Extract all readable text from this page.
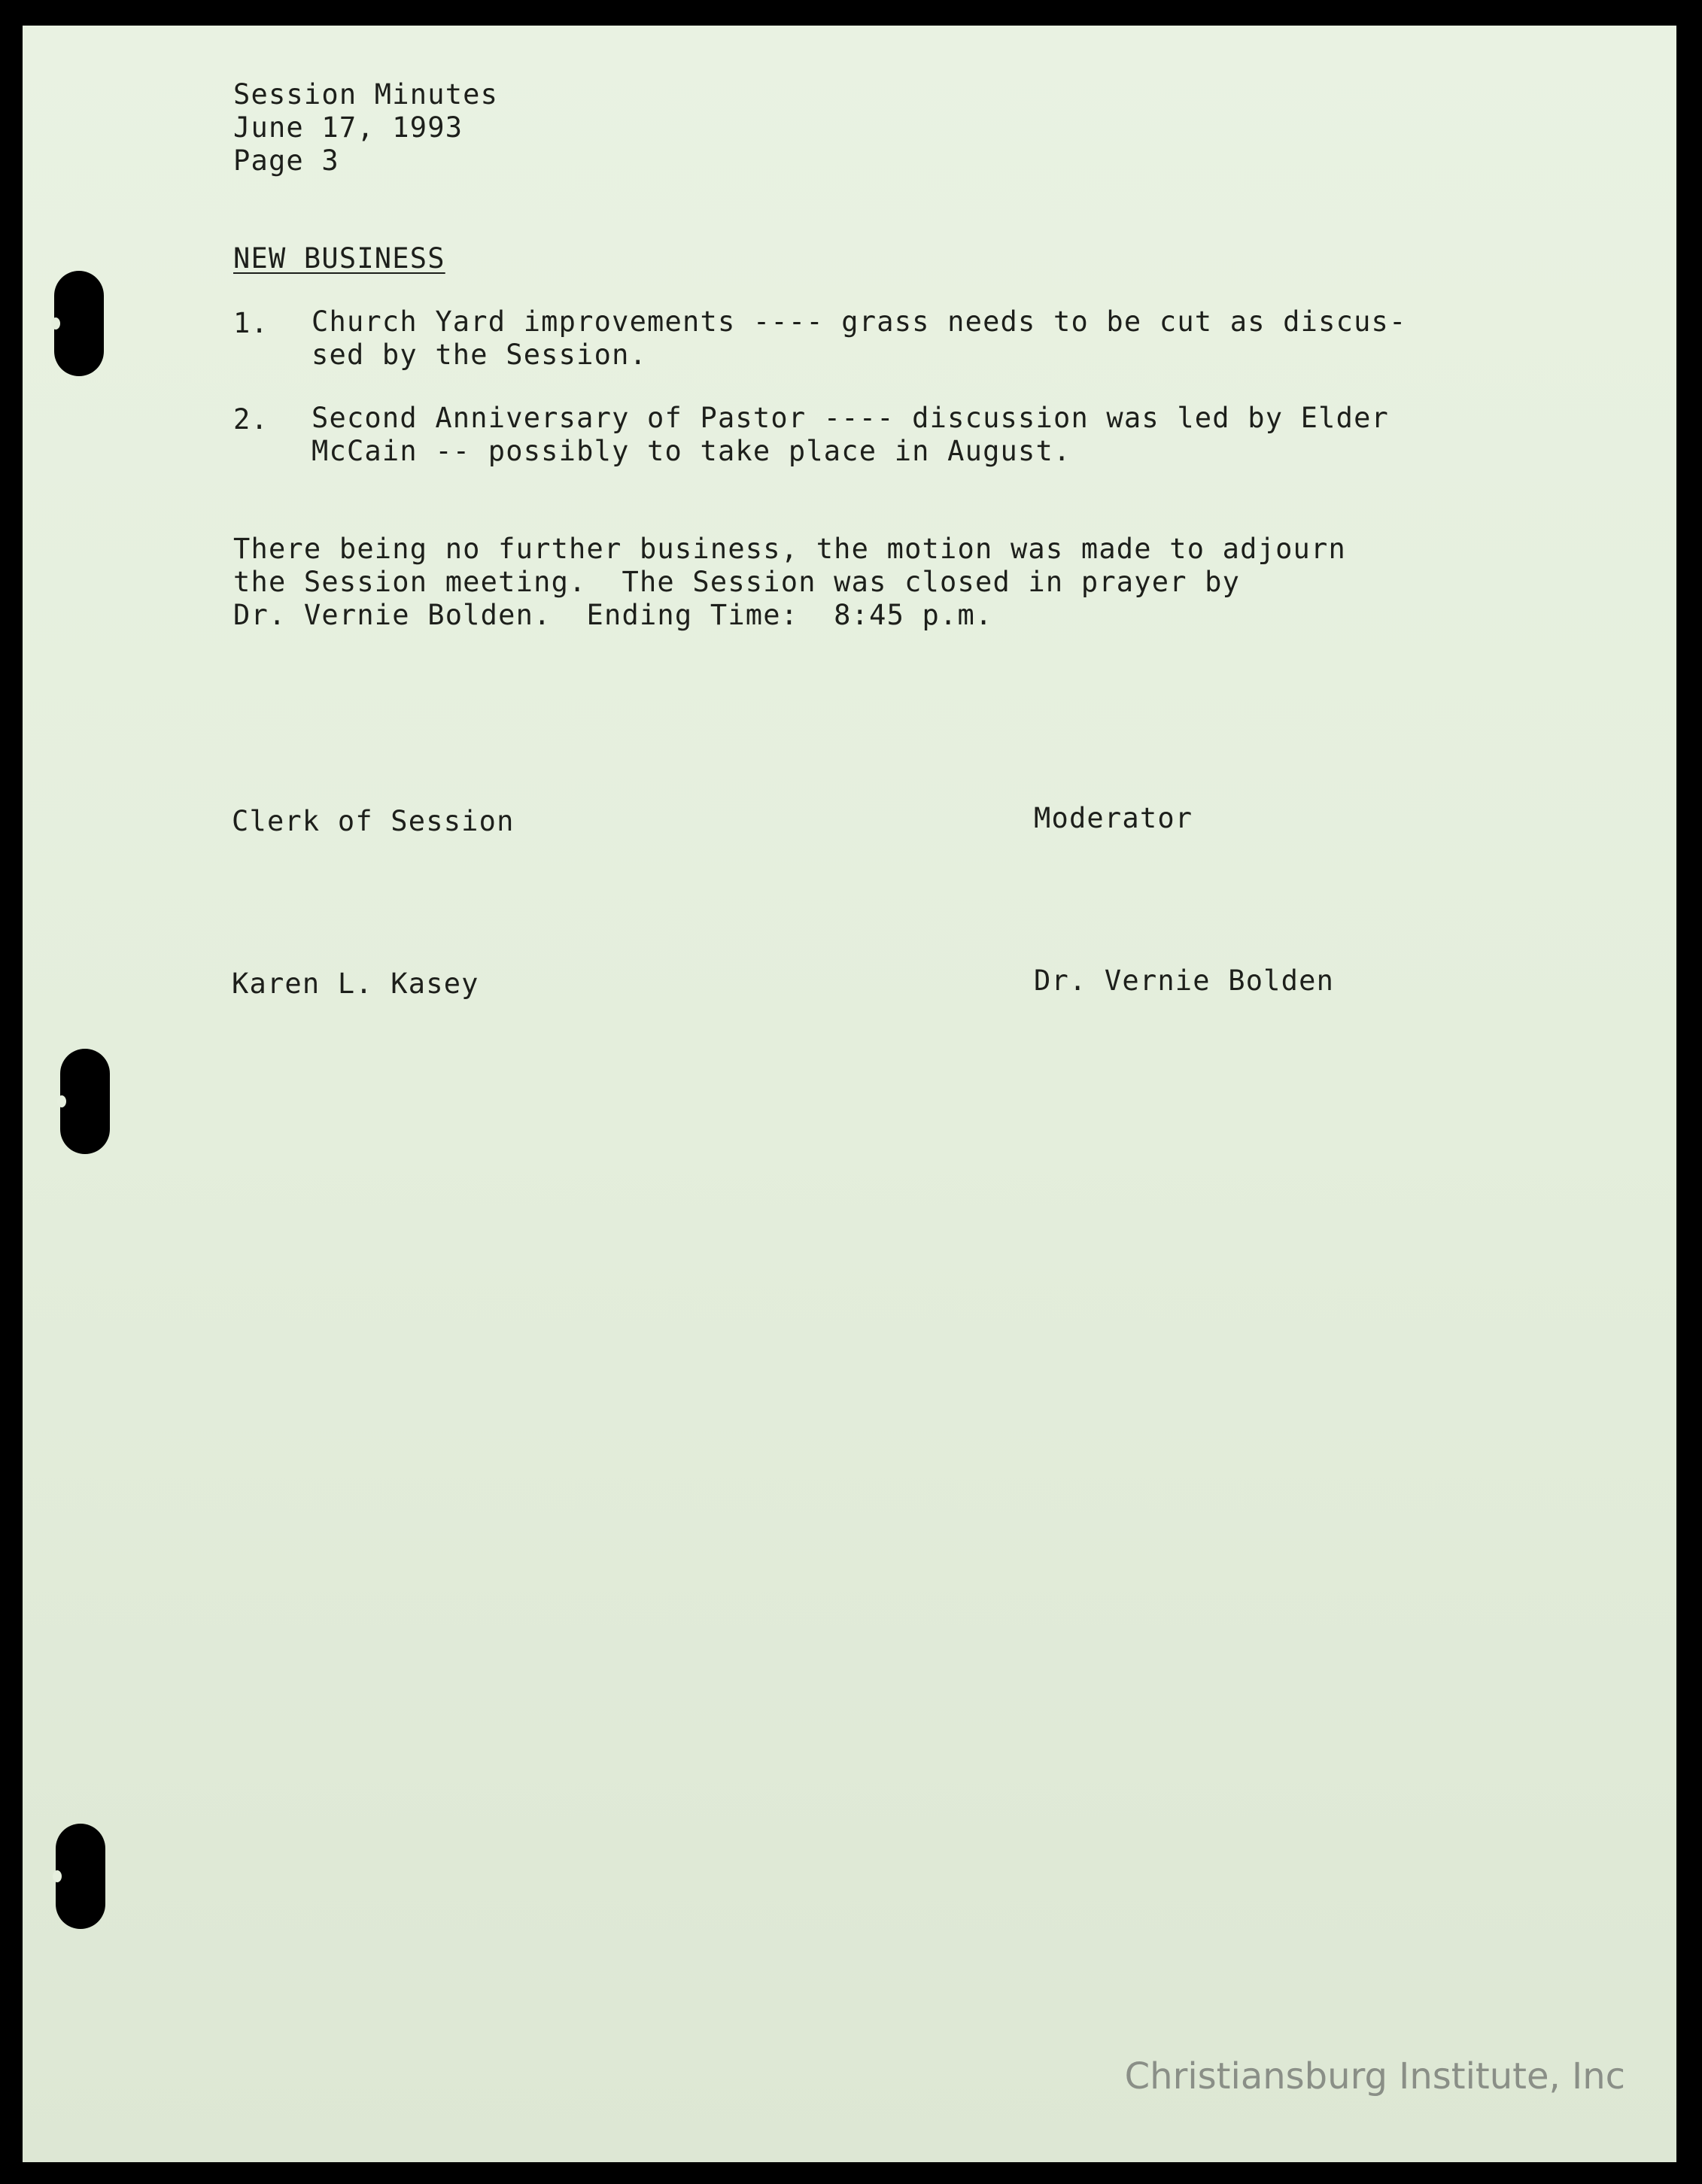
Session Minutes
June 17, 1993
Page 3
NEW BUSINESS
1. Church Yard improvements ---- grass needs to be cut as discus-
sed by the Session.
2. Second Anniversary of Pastor ---- discussion was led by Elder
McCain -- possibly to take place in August.
There being no further business, the motion was made to adjourn
the Session meeting.  The Session was closed in prayer by
Dr. Vernie Bolden.  Ending Time:  8:45 p.m.
Clerk of Session	Moderator
Karen L. Kasey	Dr. Vernie Bolden
Christiansburg Institute, Inc
